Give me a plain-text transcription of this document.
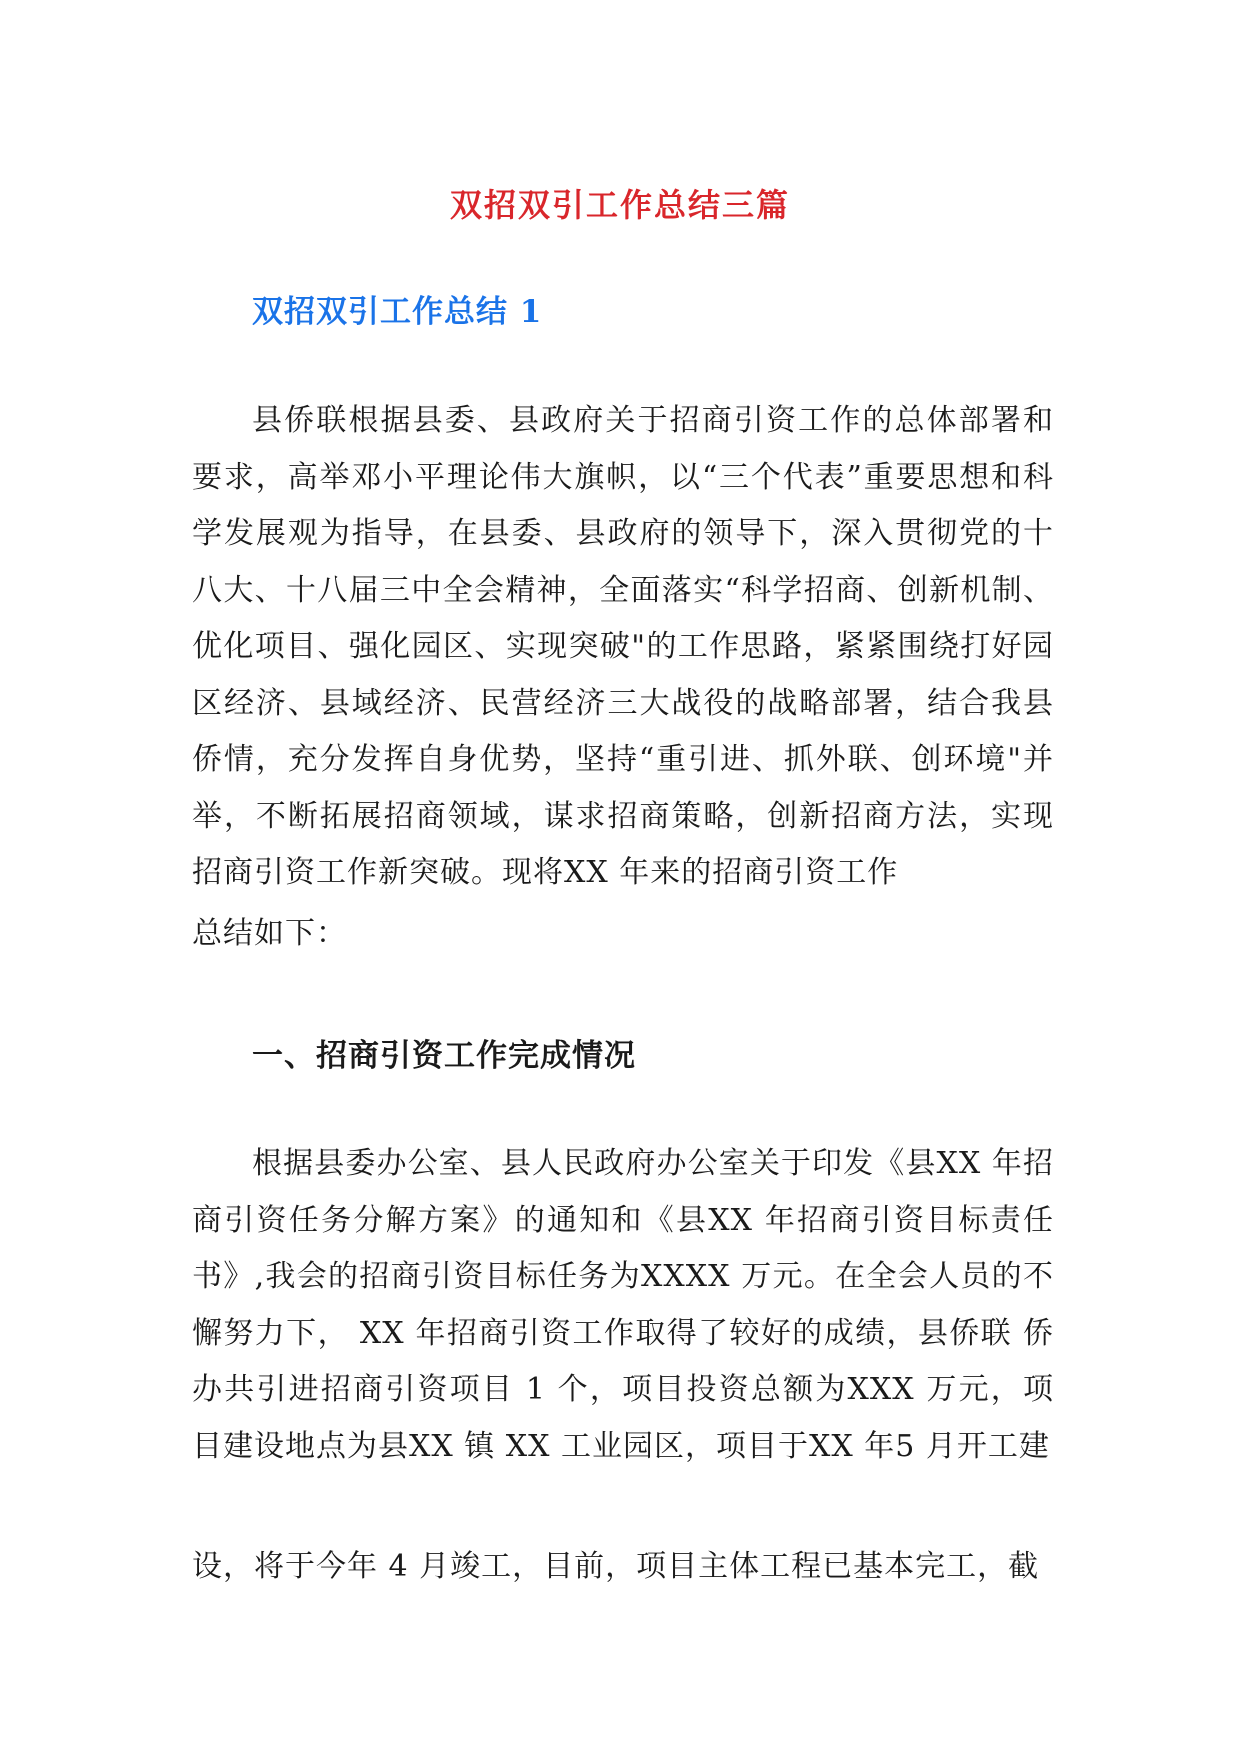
双招双引工作总结三篇
双招双引工作总结 1

县侨联根据县委、县政府关于招商引资工作的总体部署和要求，高举邓小平理论伟大旗帜，以“三个代表”重要思想和科学发展观为指导，在县委、县政府的领导下，深入贯彻党的十八大、十八届三中全会精神，全面落实“科学招商、创新机制、优化项目、强化园区、实现突破"的工作思路，紧紧围绕打好园区经济、县域经济、民营经济三大战役的战略部署，结合我县侨情，充分发挥自身优势，坚持“重引进、抓外联、创环境"并举，不断拓展招商领域，谋求招商策略，创新招商方法，实现招商引资工作新突破。现将XX 年来的招商引资工作

总结如下：

一、招商引资工作完成情况

根据县委办公室、县人民政府办公室关于印发《县XX 年招商引资任务分解方案》的通知和《县XX 年招商引资目标责任书》,我会的招商引资目标任务为XXXX 万元。在全会人员的不懈努力下， XX 年招商引资工作取得了较好的成绩，县侨联 侨办共引进招商引资项目 1 个，项目投资总额为XXX 万元，项 目建设地点为县XX 镇 XX 工业园区，项目于XX 年5 月开工建

设，将于今年 4 月竣工，目前，项目主体工程已基本完工，截
